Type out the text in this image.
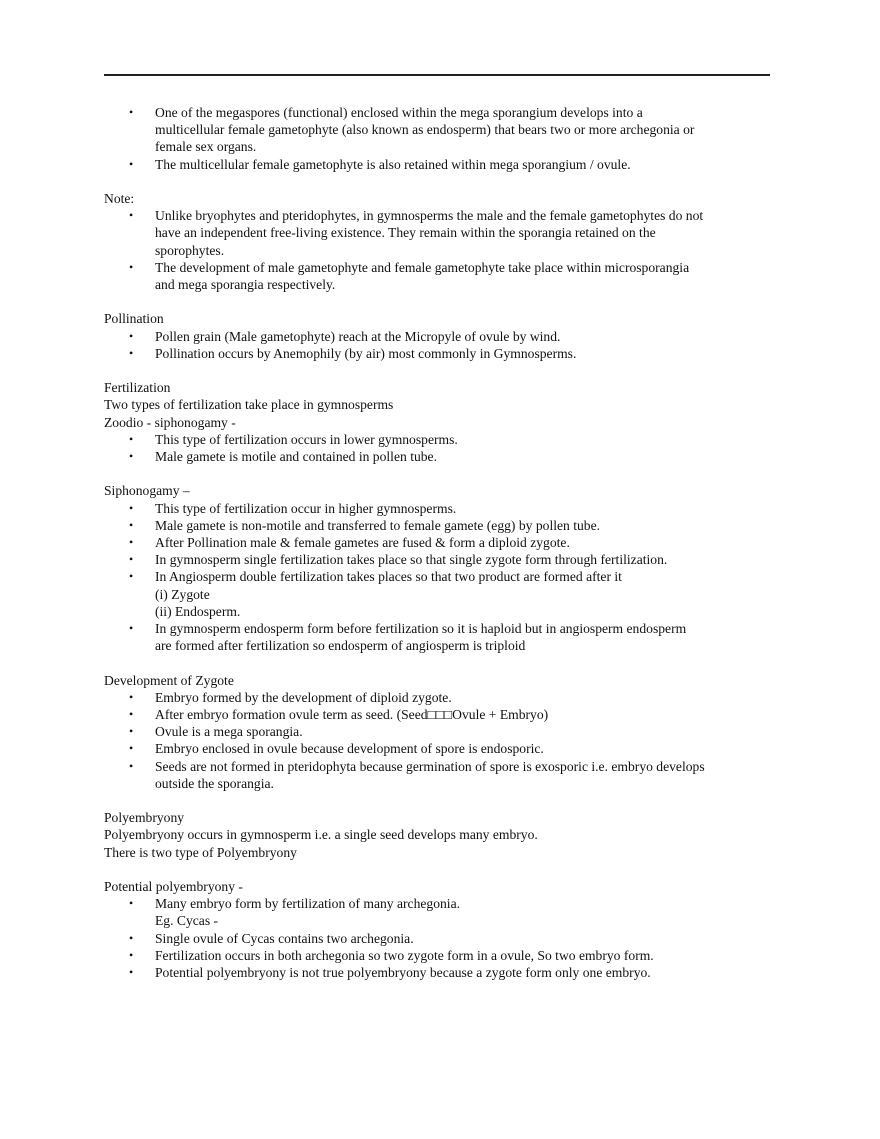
• One of the megaspores (functional) enclosed within the mega sporangium develops into a
multicellular female gametophyte (also known as endosperm) that bears two or more archegonia or
female sex organs.
• The multicellular female gametophyte is also retained within mega sporangium / ovule.
Note:
• Unlike bryophytes and pteridophytes, in gymnosperms the male and the female gametophytes do not
have an independent free-living existence. They remain within the sporangia retained on the
sporophytes.
• The development of male gametophyte and female gametophyte take place within microsporangia
and mega sporangia respectively.
Pollination
• Pollen grain (Male gametophyte) reach at the Micropyle of ovule by wind.
• Pollination occurs by Anemophily (by air) most commonly in Gymnosperms.
Fertilization
Two types of fertilization take place in gymnosperms
Zoodio - siphonogamy -
• This type of fertilization occurs in lower gymnosperms.
• Male gamete is motile and contained in pollen tube.
Siphonogamy –
• This type of fertilization occur in higher gymnosperms.
• Male gamete is non-motile and transferred to female gamete (egg) by pollen tube.
• After Pollination male & female gametes are fused & form a diploid zygote.
• In gymnosperm single fertilization takes place so that single zygote form through fertilization.
• In Angiosperm double fertilization takes places so that two product are formed after it
(i) Zygote
(ii) Endosperm.
• In gymnosperm endosperm form before fertilization so it is haploid but in angiosperm endosperm
are formed after fertilization so endosperm of angiosperm is triploid
Development of Zygote
• Embryo formed by the development of diploid zygote.
• After embryo formation ovule term as seed. (Seed□□□Ovule + Embryo)
• Ovule is a mega sporangia.
• Embryo enclosed in ovule because development of spore is endosporic.
• Seeds are not formed in pteridophyta because germination of spore is exosporic i.e. embryo develops
outside the sporangia.
Polyembryony
Polyembryony occurs in gymnosperm i.e. a single seed develops many embryo.
There is two type of Polyembryony
Potential polyembryony -
• Many embryo form by fertilization of many archegonia.
Eg. Cycas -
• Single ovule of Cycas contains two archegonia.
• Fertilization occurs in both archegonia so two zygote form in a ovule, So two embryo form.
• Potential polyembryony is not true polyembryony because a zygote form only one embryo.
